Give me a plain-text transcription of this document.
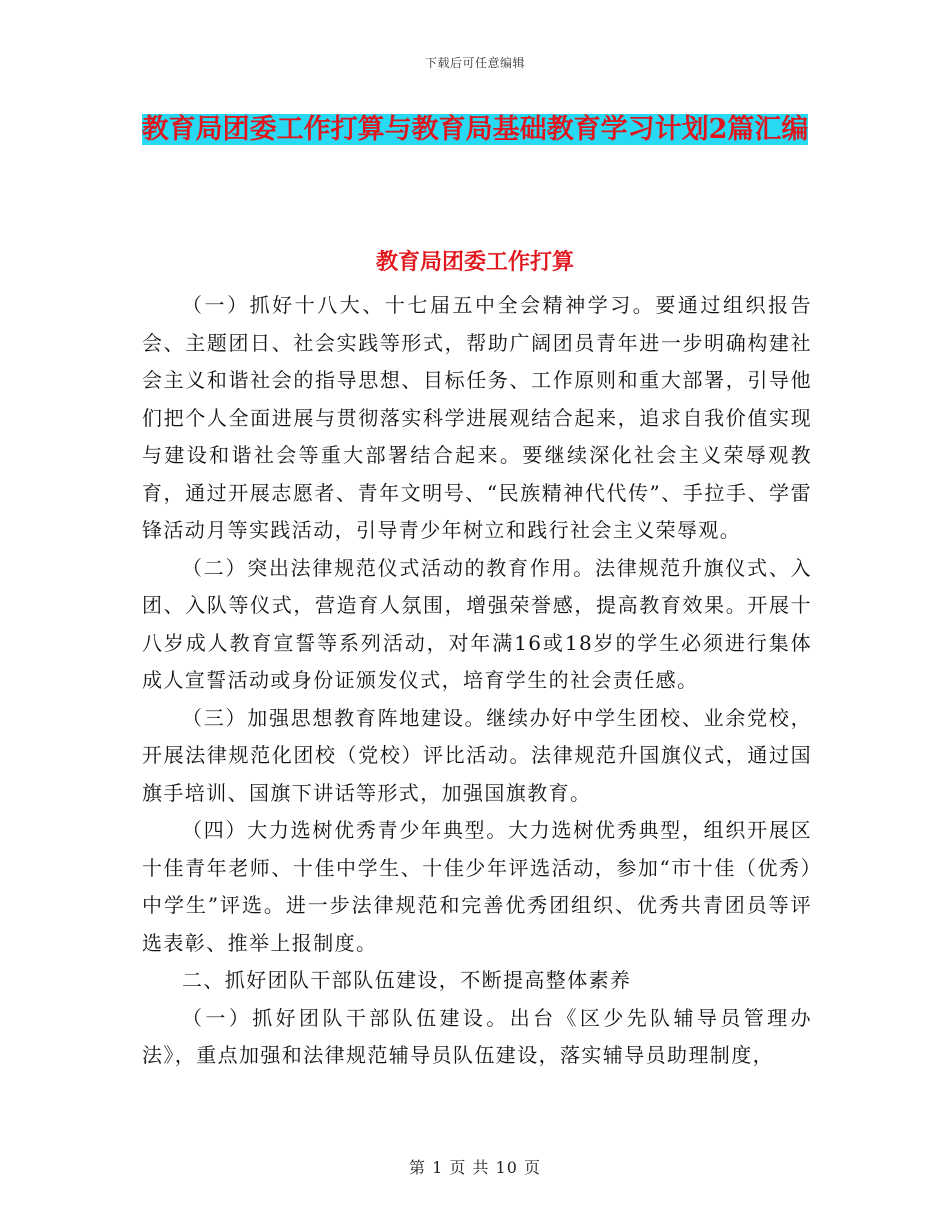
下载后可任意编辑
教育局团委工作打算与教育局基础教育学习计划2篇汇编
教育局团委工作打算

（一）抓好十八大、十七届五中全会精神学习。要通过组织报告会、主题团日、社会实践等形式，帮助广阔团员青年进一步明确构建社会主义和谐社会的指导思想、目标任务、工作原则和重大部署，引导他们把个人全面进展与贯彻落实科学进展观结合起来，追求自我价值实现与建设和谐社会等重大部署结合起来。要继续深化社会主义荣辱观教育，通过开展志愿者、青年文明号、“民族精神代代传”、手拉手、学雷锋活动月等实践活动，引导青少年树立和践行社会主义荣辱观。

（二）突出法律规范仪式活动的教育作用。法律规范升旗仪式、入团、入队等仪式，营造育人氛围，增强荣誉感，提高教育效果。开展十八岁成人教育宣誓等系列活动，对年满16或18岁的学生必须进行集体成人宣誓活动或身份证颁发仪式，培育学生的社会责任感。

（三）加强思想教育阵地建设。继续办好中学生团校、业余党校，开展法律规范化团校（党校）评比活动。法律规范升国旗仪式，通过国旗手培训、国旗下讲话等形式，加强国旗教育。

（四）大力选树优秀青少年典型。大力选树优秀典型，组织开展区十佳青年老师、十佳中学生、十佳少年评选活动，参加“市十佳（优秀）中学生”评选。进一步法律规范和完善优秀团组织、优秀共青团员等评选表彰、推举上报制度。

二、抓好团队干部队伍建设，不断提高整体素养

（一）抓好团队干部队伍建设。出台《区少先队辅导员管理办法》，重点加强和法律规范辅导员队伍建设，落实辅导员助理制度，

第 1 页 共 10 页
